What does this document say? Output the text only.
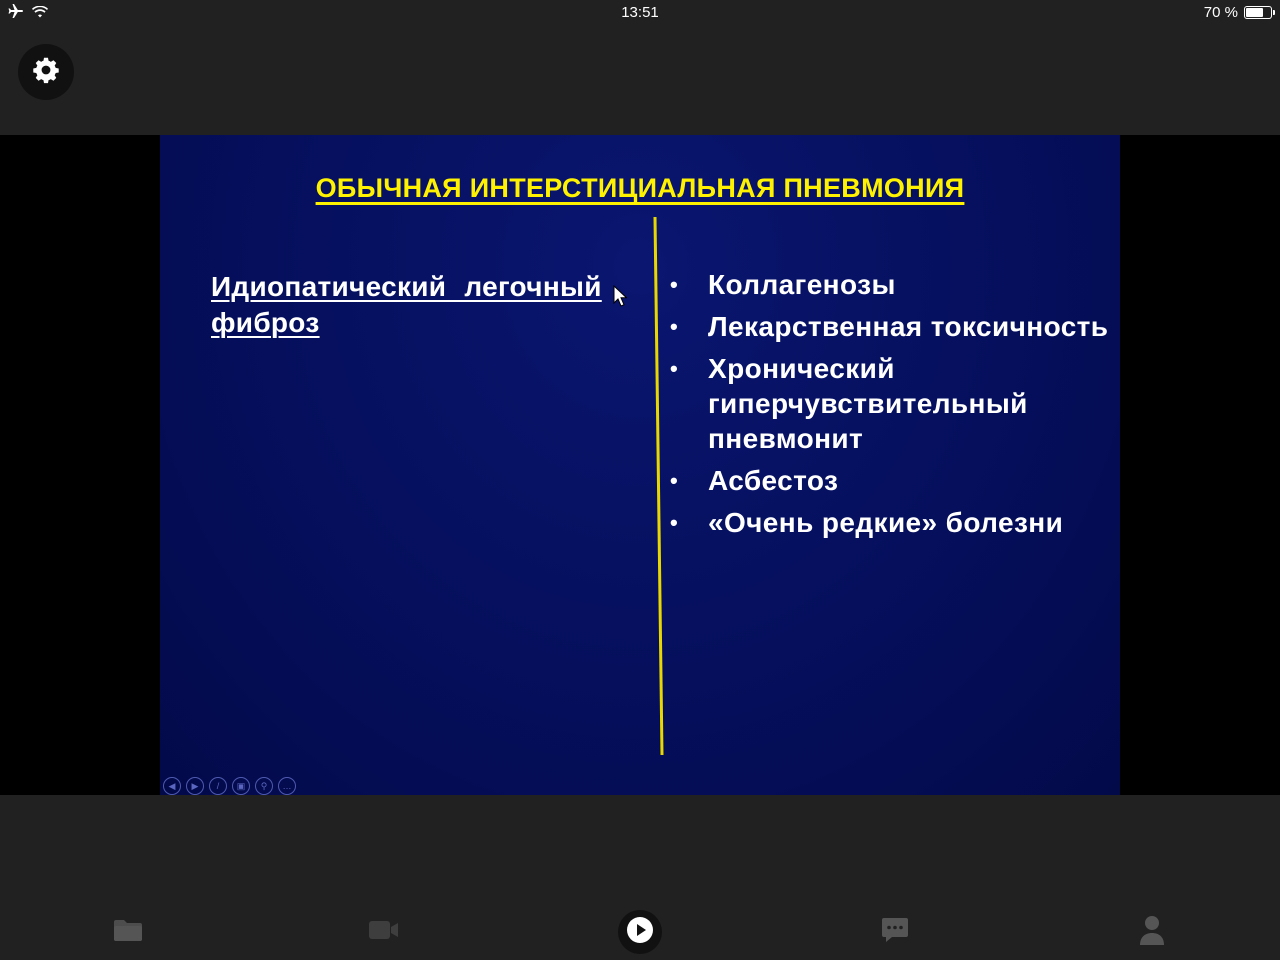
13:51	70 %
ОБЫЧНАЯ ИНТЕРСТИЦИАЛЬНАЯ ПНЕВМОНИЯ
Идиопатический легочный фиброз
• Коллагенозы
• Лекарственная токсичность
• Хронический гиперчувствительный пневмонит
• Асбестоз
• «Очень редкие» болезни
◀	▶	/	▣	⚲	…
